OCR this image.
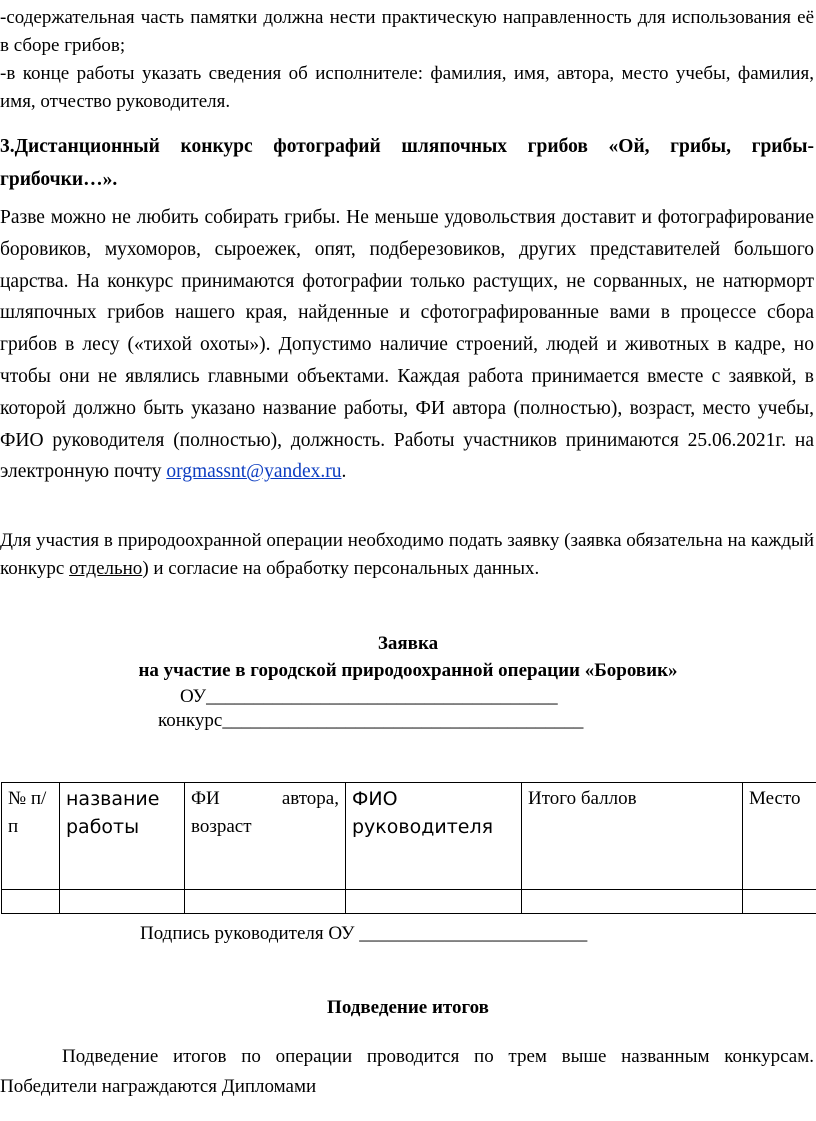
-содержательная часть памятки должна нести практическую направленность для использования её в сборе грибов;

-в конце работы указать сведения об исполнителе: фамилия, имя, автора, место учебы, фамилия, имя, отчество руководителя.

3.Дистанционный конкурс фотографий шляпочных грибов «Ой, грибы, грибы-грибочки…».

Разве можно не любить собирать грибы. Не меньше удовольствия доставит и фотографирование боровиков, мухоморов, сыроежек, опят, подберезовиков, других представителей большого царства. На конкурс принимаются фотографии только растущих, не сорванных, не натюрморт шляпочных грибов нашего края, найденные и сфотографированные вами в процессе сбора грибов в лесу («тихой охоты»). Допустимо наличие строений, людей и животных в кадре, но чтобы они не являлись главными объектами. Каждая работа принимается вместе с заявкой, в которой должно быть указано название работы, ФИ автора (полностью), возраст, место учебы, ФИО руководителя (полностью), должность. Работы участников принимаются 25.06.2021г. на электронную почту orgmassnt@yandex.ru.

Для участия в природоохранной операции необходимо подать заявку (заявка обязательна на каждый конкурс отдельно) и согласие на обработку персональных данных.

Заявка
на участие в городской природоохранной операции «Боровик»
ОУ_____________________________________
конкурс______________________________________
№ п/п	название работы	ФИ автора, возраст	ФИО руководителя	Итого баллов	Место

Подпись руководителя ОУ ________________________
Подведение итогов

Подведение итогов по операции проводится по трем выше названным конкурсам. Победители награждаются Дипломами
